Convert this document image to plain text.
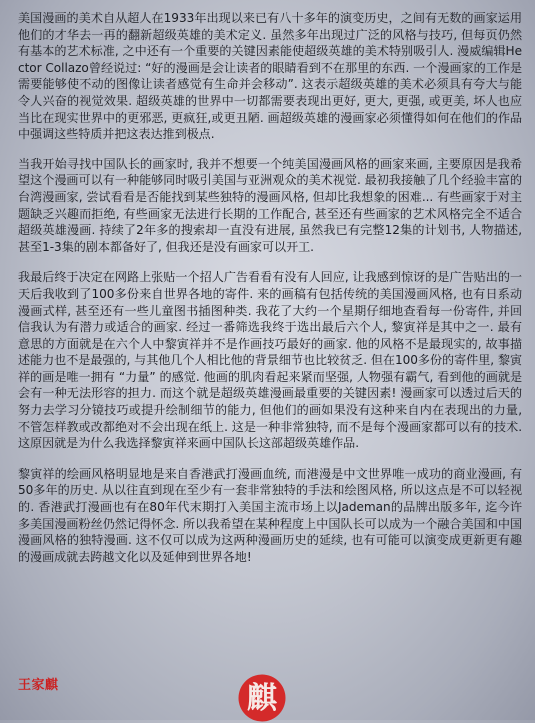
美国漫画的美术自从超人在1933年出现以来已有八十多年的演变历史，之间有无数的画家运用他们的才华去一再的翻新超级英雄的美术定义. 虽然多年出现过广泛的风格与技巧, 但每页仍然有基本的艺术标准, 之中还有一个重要的关键因素能使超级英雄的美术特别吸引人. 漫威编辑Hector Collazo曾经说过: “好的漫画是会让读者的眼睛看到不在那里的东西. 一个漫画家的工作是需要能够使不动的图像让读者感觉有生命并会移动”. 这表示超级英雄的美术必须具有夸大与能令人兴奋的视觉效果. 超级英雄的世界中一切都需要表现出更好, 更大, 更强, 或更美, 坏人也应当比在现实世界中的更邪恶, 更疯狂,或更丑陋. 画超级英雄的漫画家必须懂得如何在他们的作品中强调这些特质并把这表达推到极点.

当我开始寻找中国队长的画家时, 我并不想要一个纯美国漫画风格的画家来画, 主要原因是我希望这个漫画可以有一种能够同时吸引美国与亚洲观众的美术视觉. 最初我接触了几个经验丰富的台湾漫画家, 尝试看看是否能找到某些独特的漫画风格, 但却比我想象的困难... 有些画家于对主题缺乏兴趣而拒绝, 有些画家无法进行长期的工作配合, 甚至还有些画家的艺术风格完全不适合超级英雄漫画. 持续了2年多的搜索却一直没有进展, 虽然我已有完整12集的计划书, 人物描述, 甚至1-3集的剧本都备好了, 但我还是没有画家可以开工.

我最后终于决定在网路上张贴一个招人广告看看有没有人回应, 让我感到惊讶的是广告贴出的一天后我收到了100多份来自世界各地的寄件. 来的画稿有包括传统的美国漫画风格, 也有日系动漫画式样, 甚至还有一些儿童图书插图种类. 我花了大约一个星期仔细地查看每一份寄件, 并回信我认为有潜力或适合的画家. 经过一番筛选我终于选出最后六个人, 黎寅祥是其中之一. 最有意思的方面就是在六个人中黎寅祥并不是作画技巧最好的画家. 他的风格不是最现实的, 故事描述能力也不是最强的, 与其他几个人相比他的背景细节也比较贫乏. 但在100多份的寄件里, 黎寅祥的画是唯一拥有 “力量” 的感觉. 他画的肌肉看起来紧而坚强, 人物强有霸气, 看到他的画就是会有一种无法形容的担力. 而这个就是超级英雄漫画最重要的关键因素! 漫画家可以透过后天的努力去学习分镜技巧或提升绘制细节的能力, 但他们的画如果没有这种来自内在表现出的力量, 不管怎样教或改都绝对不会出现在纸上. 这是一种非常独特, 而不是每个漫画家都可以有的技术. 这原因就是为什么我选择黎寅祥来画中国队长这部超级英雄作品.

黎寅祥的绘画风格明显地是来自香港武打漫画血统, 而港漫是中文世界唯一成功的商业漫画, 有50多年的历史. 从以往直到现在至少有一套非常独特的手法和绘图风格, 所以这点是不可以轻视的. 香港武打漫画也有在80年代末期打入美国主流市场上以Jademan的品牌出版多年, 迄今许多美国漫画粉丝仍然记得怀念. 所以我希望在某种程度上中国队长可以成为一个融合美国和中国漫画风格的独特漫画. 这不仅可以成为这两种漫画历史的延续, 也有可能可以演变成更新更有趣的漫画成就去跨越文化以及延伸到世界各地!

王家麒	麒
